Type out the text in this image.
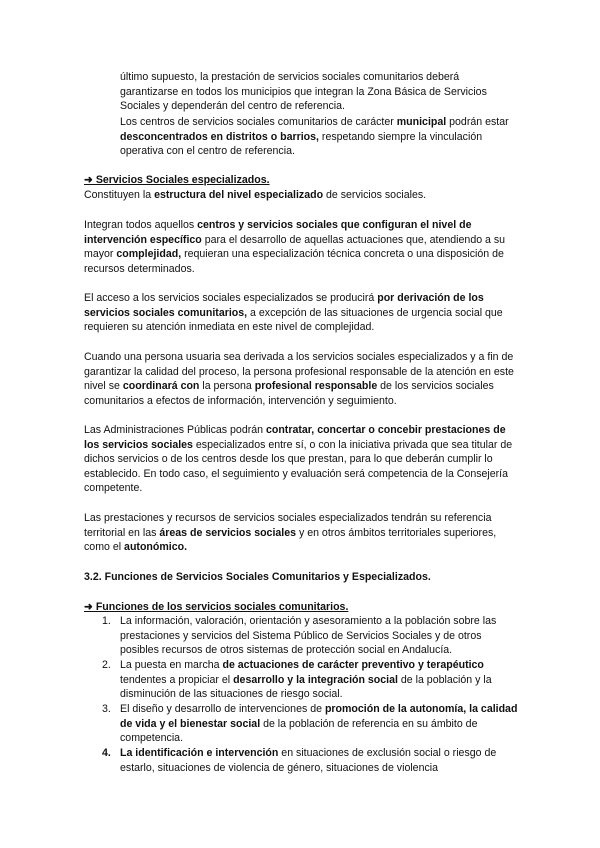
último supuesto, la prestación de servicios sociales comunitarios deberá garantizarse en todos los municipios que integran la Zona Básica de Servicios Sociales y dependerán del centro de referencia.

Los centros de servicios sociales comunitarios de carácter municipal podrán estar desconcentrados en distritos o barrios, respetando siempre la vinculación operativa con el centro de referencia.

➜ Servicios Sociales especializados.

Constituyen la estructura del nivel especializado de servicios sociales.

Integran todos aquellos centros y servicios sociales que configuran el nivel de intervención específico para el desarrollo de aquellas actuaciones que, atendiendo a su mayor complejidad, requieran una especialización técnica concreta o una disposición de recursos determinados.

El acceso a los servicios sociales especializados se producirá por derivación de los servicios sociales comunitarios, a excepción de las situaciones de urgencia social que requieren su atención inmediata en este nivel de complejidad.

Cuando una persona usuaria sea derivada a los servicios sociales especializados y a fin de garantizar la calidad del proceso, la persona profesional responsable de la atención en este nivel se coordinará con la persona profesional responsable de los servicios sociales comunitarios a efectos de información, intervención y seguimiento.

Las Administraciones Públicas podrán contratar, concertar o concebir prestaciones de los servicios sociales especializados entre sí, o con la iniciativa privada que sea titular de dichos servicios o de los centros desde los que prestan, para lo que deberán cumplir lo establecido. En todo caso, el seguimiento y evaluación será competencia de la Consejería competente.

Las prestaciones y recursos de servicios sociales especializados tendrán su referencia territorial en las áreas de servicios sociales y en otros ámbitos territoriales superiores, como el autonómico.

3.2. Funciones de Servicios Sociales Comunitarios y Especializados.

➜ Funciones de los servicios sociales comunitarios.

1. La información, valoración, orientación y asesoramiento a la población sobre las prestaciones y servicios del Sistema Público de Servicios Sociales y de otros posibles recursos de otros sistemas de protección social en Andalucía.

2. La puesta en marcha de actuaciones de carácter preventivo y terapéutico tendentes a propiciar el desarrollo y la integración social de la población y la disminución de las situaciones de riesgo social.

3. El diseño y desarrollo de intervenciones de promoción de la autonomía, la calidad de vida y el bienestar social de la población de referencia en su ámbito de competencia.

4. La identificación e intervención en situaciones de exclusión social o riesgo de estarlo, situaciones de violencia de género, situaciones de violencia
